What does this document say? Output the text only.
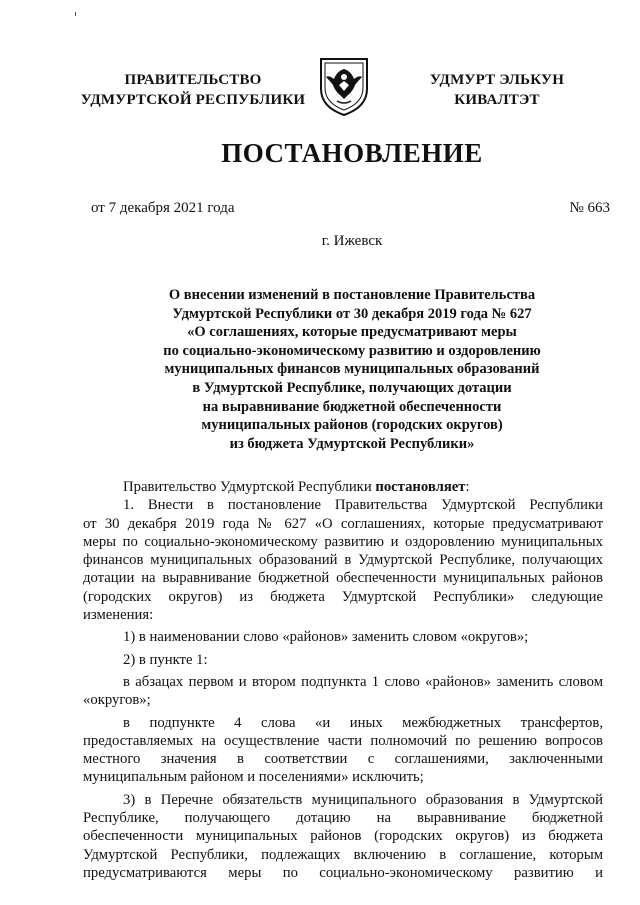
ПРАВИТЕЛЬСТВО
УДМУРТСКОЙ РЕСПУБЛИКИ
УДМУРТ ЭЛЬКУН
КИВАЛТЭТ
ПОСТАНОВЛЕНИЕ
от 7 декабря 2021 года	№ 663
г. Ижевск
О внесении изменений в постановление Правительства
Удмуртской Республики от 30 декабря 2019 года № 627
«О соглашениях, которые предусматривают меры
по социально-экономическому развитию и оздоровлению
муниципальных финансов муниципальных образований
в Удмуртской Республике, получающих дотации
на выравнивание бюджетной обеспеченности
муниципальных районов (городских округов)
из бюджета Удмуртской Республики»
Правительство Удмуртской Республики постановляет:
1. Внести в постановление Правительства Удмуртской Республики
от 30 декабря 2019 года № 627 «О соглашениях, которые предусматривают
меры по социально-экономическому развитию и оздоровлению муниципальных
финансов муниципальных образований в Удмуртской Республике, получающих
дотации на выравнивание бюджетной обеспеченности муниципальных районов
(городских округов) из бюджета Удмуртской Республики» следующие
изменения:
1) в наименовании слово «районов» заменить словом «округов»;
2) в пункте 1:
в абзацах первом и втором подпункта 1 слово «районов» заменить словом
«округов»;
в подпункте 4 слова «и иных межбюджетных трансфертов,
предоставляемых на осуществление части полномочий по решению вопросов
местного значения в соответствии с соглашениями, заключенными
муниципальным районом и поселениями» исключить;
3) в Перечне обязательств муниципального образования в Удмуртской
Республике, получающего дотацию на выравнивание бюджетной
обеспеченности муниципальных районов (городских округов) из бюджета
Удмуртской Республики, подлежащих включению в соглашение, которым
предусматриваются меры по социально-экономическому развитию и
